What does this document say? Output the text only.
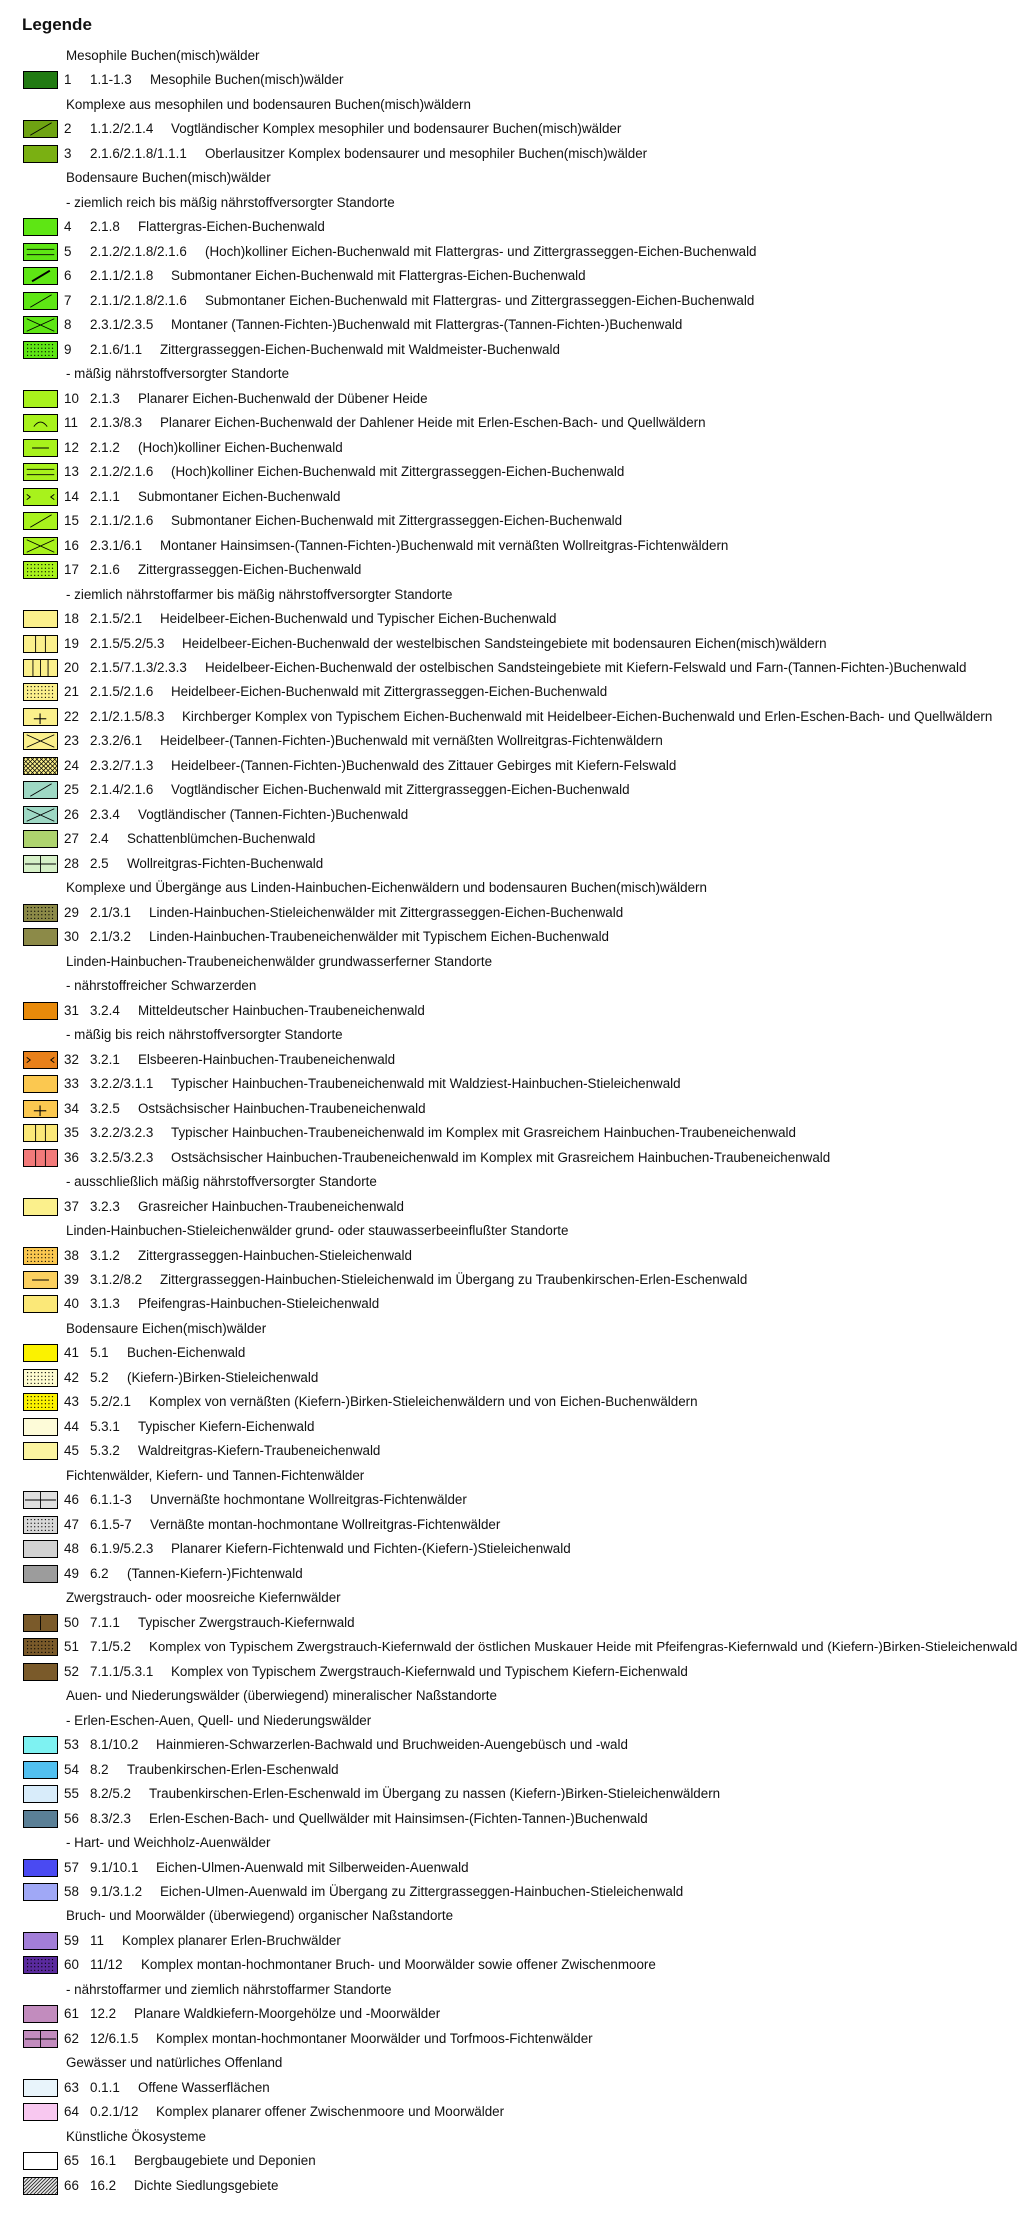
Legende
Mesophile Buchen(misch)wälder
1 1.1-1.3 Mesophile Buchen(misch)wälder
Komplexe aus mesophilen und bodensauren Buchen(misch)wäldern
2 1.1.2/2.1.4 Vogtländischer Komplex mesophiler und bodensaurer Buchen(misch)wälder
3 2.1.6/2.1.8/1.1.1 Oberlausitzer Komplex bodensaurer und mesophiler Buchen(misch)wälder
Bodensaure Buchen(misch)wälder
- ziemlich reich bis mäßig nährstoffversorgter Standorte
4 2.1.8 Flattergras-Eichen-Buchenwald
5 2.1.2/2.1.8/2.1.6 (Hoch)kolliner Eichen-Buchenwald mit Flattergras- und Zittergrasseggen-Eichen-Buchenwald
6 2.1.1/2.1.8 Submontaner Eichen-Buchenwald mit Flattergras-Eichen-Buchenwald
7 2.1.1/2.1.8/2.1.6 Submontaner Eichen-Buchenwald mit Flattergras- und Zittergrasseggen-Eichen-Buchenwald
8 2.3.1/2.3.5 Montaner (Tannen-Fichten-)Buchenwald mit Flattergras-(Tannen-Fichten-)Buchenwald
9 2.1.6/1.1 Zittergrasseggen-Eichen-Buchenwald mit Waldmeister-Buchenwald
- mäßig nährstoffversorgter Standorte
10 2.1.3 Planarer Eichen-Buchenwald der Dübener Heide
11 2.1.3/8.3 Planarer Eichen-Buchenwald der Dahlener Heide mit Erlen-Eschen-Bach- und Quellwäldern
12 2.1.2 (Hoch)kolliner Eichen-Buchenwald
13 2.1.2/2.1.6 (Hoch)kolliner Eichen-Buchenwald mit Zittergrasseggen-Eichen-Buchenwald
14 2.1.1 Submontaner Eichen-Buchenwald
15 2.1.1/2.1.6 Submontaner Eichen-Buchenwald mit Zittergrasseggen-Eichen-Buchenwald
16 2.3.1/6.1 Montaner Hainsimsen-(Tannen-Fichten-)Buchenwald mit vernäßten Wollreitgras-Fichtenwäldern
17 2.1.6 Zittergrasseggen-Eichen-Buchenwald
- ziemlich nährstoffarmer bis mäßig nährstoffversorgter Standorte
18 2.1.5/2.1 Heidelbeer-Eichen-Buchenwald und Typischer Eichen-Buchenwald
19 2.1.5/5.2/5.3 Heidelbeer-Eichen-Buchenwald der westelbischen Sandsteingebiete mit bodensauren Eichen(misch)wäldern
20 2.1.5/7.1.3/2.3.3 Heidelbeer-Eichen-Buchenwald der ostelbischen Sandsteingebiete mit Kiefern-Felswald und Farn-(Tannen-Fichten-)Buchenwald
21 2.1.5/2.1.6 Heidelbeer-Eichen-Buchenwald mit Zittergrasseggen-Eichen-Buchenwald
22 2.1/2.1.5/8.3 Kirchberger Komplex von Typischem Eichen-Buchenwald mit Heidelbeer-Eichen-Buchenwald und Erlen-Eschen-Bach- und Quellwäldern
23 2.3.2/6.1 Heidelbeer-(Tannen-Fichten-)Buchenwald mit vernäßten Wollreitgras-Fichtenwäldern
24 2.3.2/7.1.3 Heidelbeer-(Tannen-Fichten-)Buchenwald des Zittauer Gebirges mit Kiefern-Felswald
25 2.1.4/2.1.6 Vogtländischer Eichen-Buchenwald mit Zittergrasseggen-Eichen-Buchenwald
26 2.3.4 Vogtländischer (Tannen-Fichten-)Buchenwald
27 2.4 Schattenblümchen-Buchenwald
28 2.5 Wollreitgras-Fichten-Buchenwald
Komplexe und Übergänge aus Linden-Hainbuchen-Eichenwäldern und bodensauren Buchen(misch)wäldern
29 2.1/3.1 Linden-Hainbuchen-Stieleichenwälder mit Zittergrasseggen-Eichen-Buchenwald
30 2.1/3.2 Linden-Hainbuchen-Traubeneichenwälder mit Typischem Eichen-Buchenwald
Linden-Hainbuchen-Traubeneichenwälder grundwasserferner Standorte
- nährstoffreicher Schwarzerden
31 3.2.4 Mitteldeutscher Hainbuchen-Traubeneichenwald
- mäßig bis reich nährstoffversorgter Standorte
32 3.2.1 Elsbeeren-Hainbuchen-Traubeneichenwald
33 3.2.2/3.1.1 Typischer Hainbuchen-Traubeneichenwald mit Waldziest-Hainbuchen-Stieleichenwald
34 3.2.5 Ostsächsischer Hainbuchen-Traubeneichenwald
35 3.2.2/3.2.3 Typischer Hainbuchen-Traubeneichenwald im Komplex mit Grasreichem Hainbuchen-Traubeneichenwald
36 3.2.5/3.2.3 Ostsächsischer Hainbuchen-Traubeneichenwald im Komplex mit Grasreichem Hainbuchen-Traubeneichenwald
- ausschließlich mäßig nährstoffversorgter Standorte
37 3.2.3 Grasreicher Hainbuchen-Traubeneichenwald
Linden-Hainbuchen-Stieleichenwälder grund- oder stauwasserbeeinflußter Standorte
38 3.1.2 Zittergrasseggen-Hainbuchen-Stieleichenwald
39 3.1.2/8.2 Zittergrasseggen-Hainbuchen-Stieleichenwald im Übergang zu Traubenkirschen-Erlen-Eschenwald
40 3.1.3 Pfeifengras-Hainbuchen-Stieleichenwald
Bodensaure Eichen(misch)wälder
41 5.1 Buchen-Eichenwald
42 5.2 (Kiefern-)Birken-Stieleichenwald
43 5.2/2.1 Komplex von vernäßten (Kiefern-)Birken-Stieleichenwäldern und von Eichen-Buchenwäldern
44 5.3.1 Typischer Kiefern-Eichenwald
45 5.3.2 Waldreitgras-Kiefern-Traubeneichenwald
Fichtenwälder, Kiefern- und Tannen-Fichtenwälder
46 6.1.1-3 Unvernäßte hochmontane Wollreitgras-Fichtenwälder
47 6.1.5-7 Vernäßte montan-hochmontane Wollreitgras-Fichtenwälder
48 6.1.9/5.2.3 Planarer Kiefern-Fichtenwald und Fichten-(Kiefern-)Stieleichenwald
49 6.2 (Tannen-Kiefern-)Fichtenwald
Zwergstrauch- oder moosreiche Kiefernwälder
50 7.1.1 Typischer Zwergstrauch-Kiefernwald
51 7.1/5.2 Komplex von Typischem Zwergstrauch-Kiefernwald der östlichen Muskauer Heide mit Pfeifengras-Kiefernwald und (Kiefern-)Birken-Stieleichenwald
52 7.1.1/5.3.1 Komplex von Typischem Zwergstrauch-Kiefernwald und Typischem Kiefern-Eichenwald
Auen- und Niederungswälder (überwiegend) mineralischer Naßstandorte
- Erlen-Eschen-Auen, Quell- und Niederungswälder
53 8.1/10.2 Hainmieren-Schwarzerlen-Bachwald und Bruchweiden-Auengebüsch und -wald
54 8.2 Traubenkirschen-Erlen-Eschenwald
55 8.2/5.2 Traubenkirschen-Erlen-Eschenwald im Übergang zu nassen (Kiefern-)Birken-Stieleichenwäldern
56 8.3/2.3 Erlen-Eschen-Bach- und Quellwälder mit Hainsimsen-(Fichten-Tannen-)Buchenwald
- Hart- und Weichholz-Auenwälder
57 9.1/10.1 Eichen-Ulmen-Auenwald mit Silberweiden-Auenwald
58 9.1/3.1.2 Eichen-Ulmen-Auenwald im Übergang zu Zittergrasseggen-Hainbuchen-Stieleichenwald
Bruch- und Moorwälder (überwiegend) organischer Naßstandorte
59 11 Komplex planarer Erlen-Bruchwälder
60 11/12 Komplex montan-hochmontaner Bruch- und Moorwälder sowie offener Zwischenmoore
- nährstoffarmer und ziemlich nährstoffarmer Standorte
61 12.2 Planare Waldkiefern-Moorgehölze und -Moorwälder
62 12/6.1.5 Komplex montan-hochmontaner Moorwälder und Torfmoos-Fichtenwälder
Gewässer und natürliches Offenland
63 0.1.1 Offene Wasserflächen
64 0.2.1/12 Komplex planarer offener Zwischenmoore und Moorwälder
Künstliche Ökosysteme
65 16.1 Bergbaugebiete und Deponien
66 16.2 Dichte Siedlungsgebiete
